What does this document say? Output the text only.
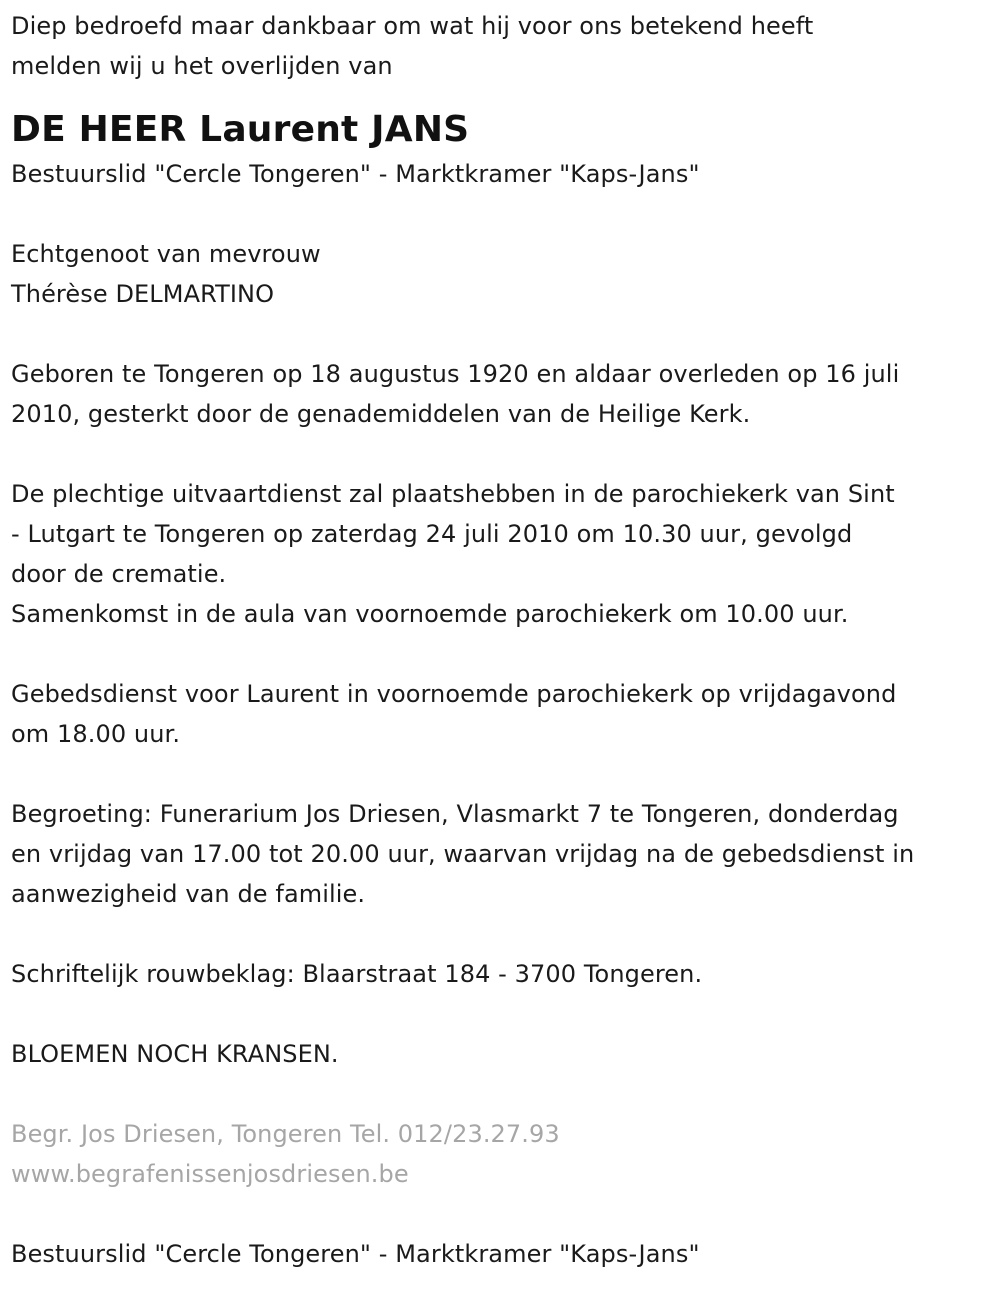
Diep bedroefd maar dankbaar om wat hij voor ons betekend heeft

melden wij u het overlijden van

DE HEER Laurent JANS

Bestuurslid "Cercle Tongeren" - Marktkramer "Kaps-Jans"

Echtgenoot van mevrouw

Thérèse DELMARTINO

Geboren te Tongeren op 18 augustus 1920 en aldaar overleden op 16 juli

2010, gesterkt door de genademiddelen van de Heilige Kerk.

De plechtige uitvaartdienst zal plaatshebben in de parochiekerk van Sint

- Lutgart te Tongeren op zaterdag 24 juli 2010 om 10.30 uur, gevolgd

door de crematie.

Samenkomst in de aula van voornoemde parochiekerk om 10.00 uur.

Gebedsdienst voor Laurent in voornoemde parochiekerk op vrijdagavond

om 18.00 uur.

Begroeting: Funerarium Jos Driesen, Vlasmarkt 7 te Tongeren, donderdag

en vrijdag van 17.00 tot 20.00 uur, waarvan vrijdag na de gebedsdienst in

aanwezigheid van de familie.

Schriftelijk rouwbeklag: Blaarstraat 184 - 3700 Tongeren.

BLOEMEN NOCH KRANSEN.

Begr. Jos Driesen, Tongeren Tel. 012/23.27.93

www.begrafenissenjosdriesen.be

Bestuurslid "Cercle Tongeren" - Marktkramer "Kaps-Jans"
